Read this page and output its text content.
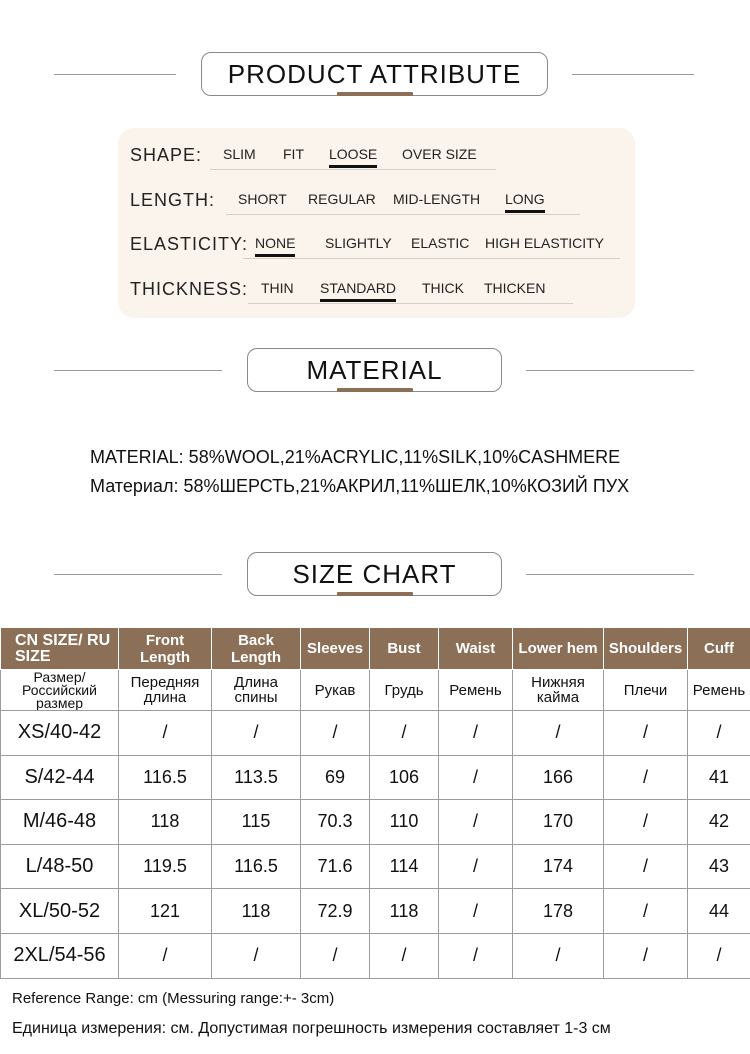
PRODUCT ATTRIBUTE
SHAPE: SLIM FIT LOOSE OVER SIZE
LENGTH: SHORT REGULAR MID-LENGTH LONG
ELASTICITY: NONE SLIGHTLY ELASTIC HIGH ELASTICITY
THICKNESS: THIN STANDARD THICK THICKEN
MATERIAL
MATERIAL: 58%WOOL,21%ACRYLIC,11%SILK,10%CASHMERE
Материал: 58%ШЕРСТЬ,21%АКРИЛ,11%ШЕЛК,10%КОЗИЙ ПУХ
SIZE CHART
CN SIZE/ RU SIZE	Front Length	Back Length	Sleeves	Bust	Waist	Lower hem	Shoulders	Cuff
Размер/ Российский размер	Передняя длина	Длина спины	Рукав	Грудь	Ремень	Нижняя кайма	Плечи	Ремень
XS/40-42	/	/	/	/	/	/	/	/
S/42-44	116.5	113.5	69	106	/	166	/	41
M/46-48	118	115	70.3	110	/	170	/	42
L/48-50	119.5	116.5	71.6	114	/	174	/	43
XL/50-52	121	118	72.9	118	/	178	/	44
2XL/54-56	/	/	/	/	/	/	/	/
Reference Range: cm (Messuring range:+- 3cm)
Единица измерения: см. Допустимая погрешность измерения составляет 1-3 см
